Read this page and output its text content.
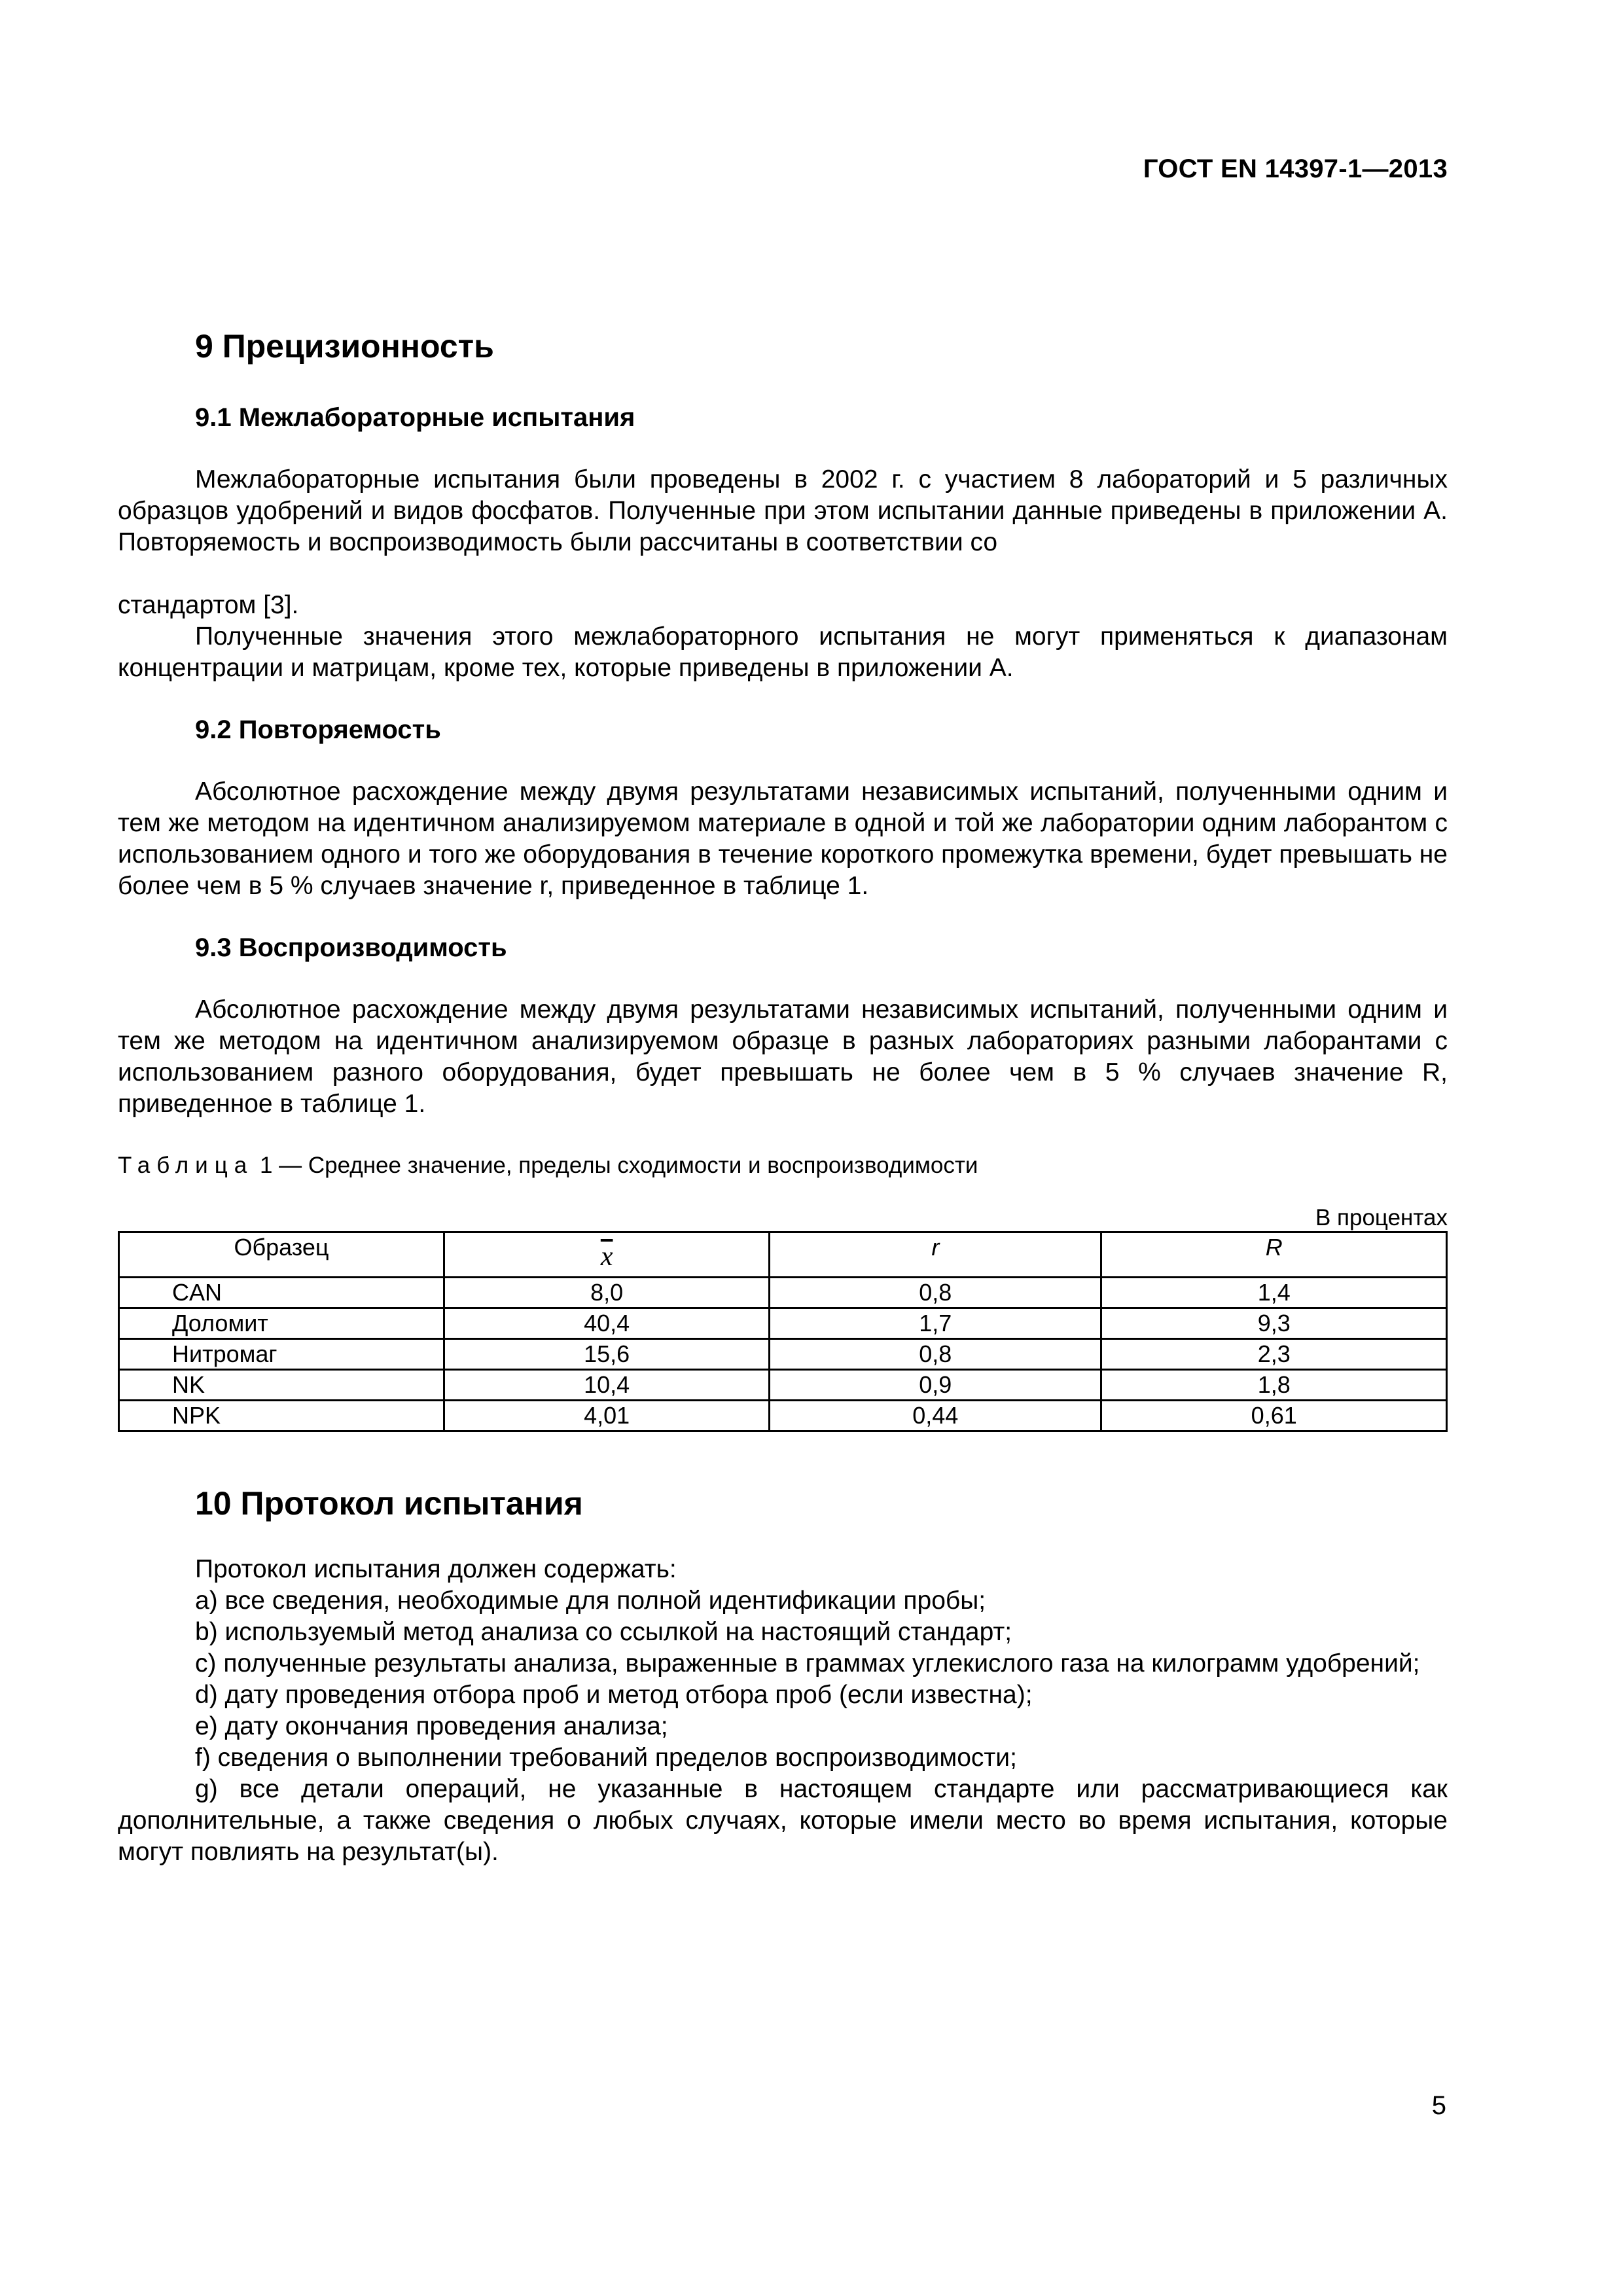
ГОСТ EN 14397-1—2013
9 Прецизионность
9.1 Межлабораторные испытания

Межлабораторные испытания были проведены в 2002 г. с участием 8 лабораторий и 5 различных образцов удобрений и видов фосфатов. Полученные при этом испытании данные приведены в приложении А. Повторяемость и воспроизводимость были рассчитаны в соответствии со

стандартом [3].

Полученные значения этого межлабораторного испытания не могут применяться к диапазонам концентрации и матрицам, кроме тех, которые приведены в приложении А.

9.2 Повторяемость

Абсолютное расхождение между двумя результатами независимых испытаний, полученными одним и тем же методом на идентичном анализируемом материале в одной и той же лаборатории одним лаборантом с использованием одного и того же оборудования в течение короткого промежутка времени, будет превышать не более чем в 5 % случаев значение r, приведенное в таблице 1.

9.3 Воспроизводимость

Абсолютное расхождение между двумя результатами независимых испытаний, полученными одним и тем же методом на идентичном анализируемом образце в разных лабораториях разными лаборантами с использованием разного оборудования, будет превышать не более чем в 5 % случаев значение R, приведенное в таблице 1.

Таблица 1 — Среднее значение, пределы сходимости и воспроизводимости
В процентах
Образец	$\overline{x}$	r	R
CAN	8,0	0,8	1,4
Доломит	40,4	1,7	9,3
Нитромаг	15,6	0,8	2,3
NK	10,4	0,9	1,8
NPK	4,01	0,44	0,61
10 Протокол испытания

Протокол испытания должен содержать:

a) все сведения, необходимые для полной идентификации пробы;

b) используемый метод анализа со ссылкой на настоящий стандарт;

c) полученные результаты анализа, выраженные в граммах углекислого газа на килограмм удобрений;

d) дату проведения отбора проб и метод отбора проб (если известна);

e) дату окончания проведения анализа;

f) сведения о выполнении требований пределов воспроизводимости;

g) все детали операций, не указанные в настоящем стандарте или рассматривающиеся как дополнительные, а также сведения о любых случаях, которые имели место во время испытания, которые могут повлиять на результат(ы).

5
